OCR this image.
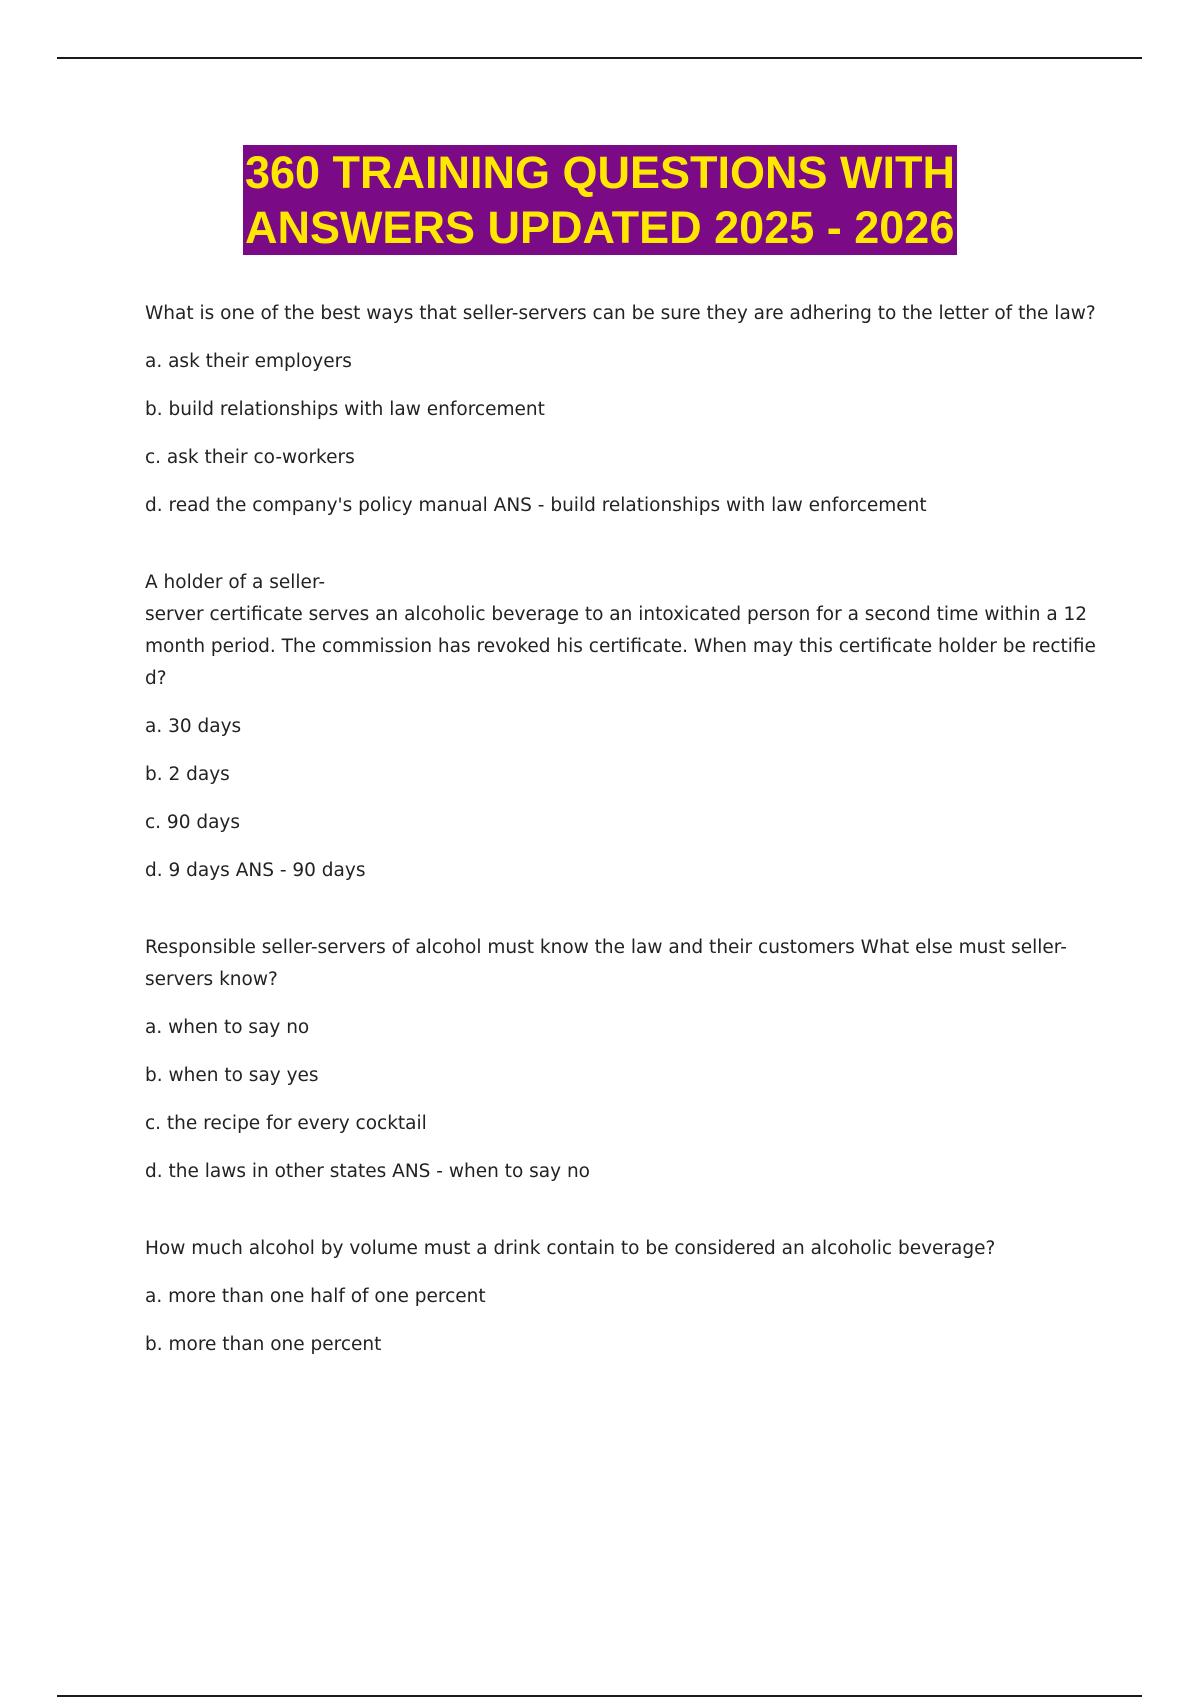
360 TRAINING QUESTIONS WITH
ANSWERS UPDATED 2025 - 2026
What is one of the best ways that seller-servers can be sure they are adhering to the letter of the law?
a. ask their employers
b. build relationships with law enforcement
c. ask their co-workers
d. read the company's policy manual ANS - build relationships with law enforcement
A holder of a seller-
server certificate serves an alcoholic beverage to an intoxicated person for a second time within a 12
month period. The commission has revoked his certificate. When may this certificate holder be rectifie
d?
a. 30 days
b. 2 days
c. 90 days
d. 9 days ANS - 90 days
Responsible seller-servers of alcohol must know the law and their customers What else must seller-
servers know?
a. when to say no
b. when to say yes
c. the recipe for every cocktail
d. the laws in other states ANS - when to say no
How much alcohol by volume must a drink contain to be considered an alcoholic beverage?
a. more than one half of one percent
b. more than one percent
